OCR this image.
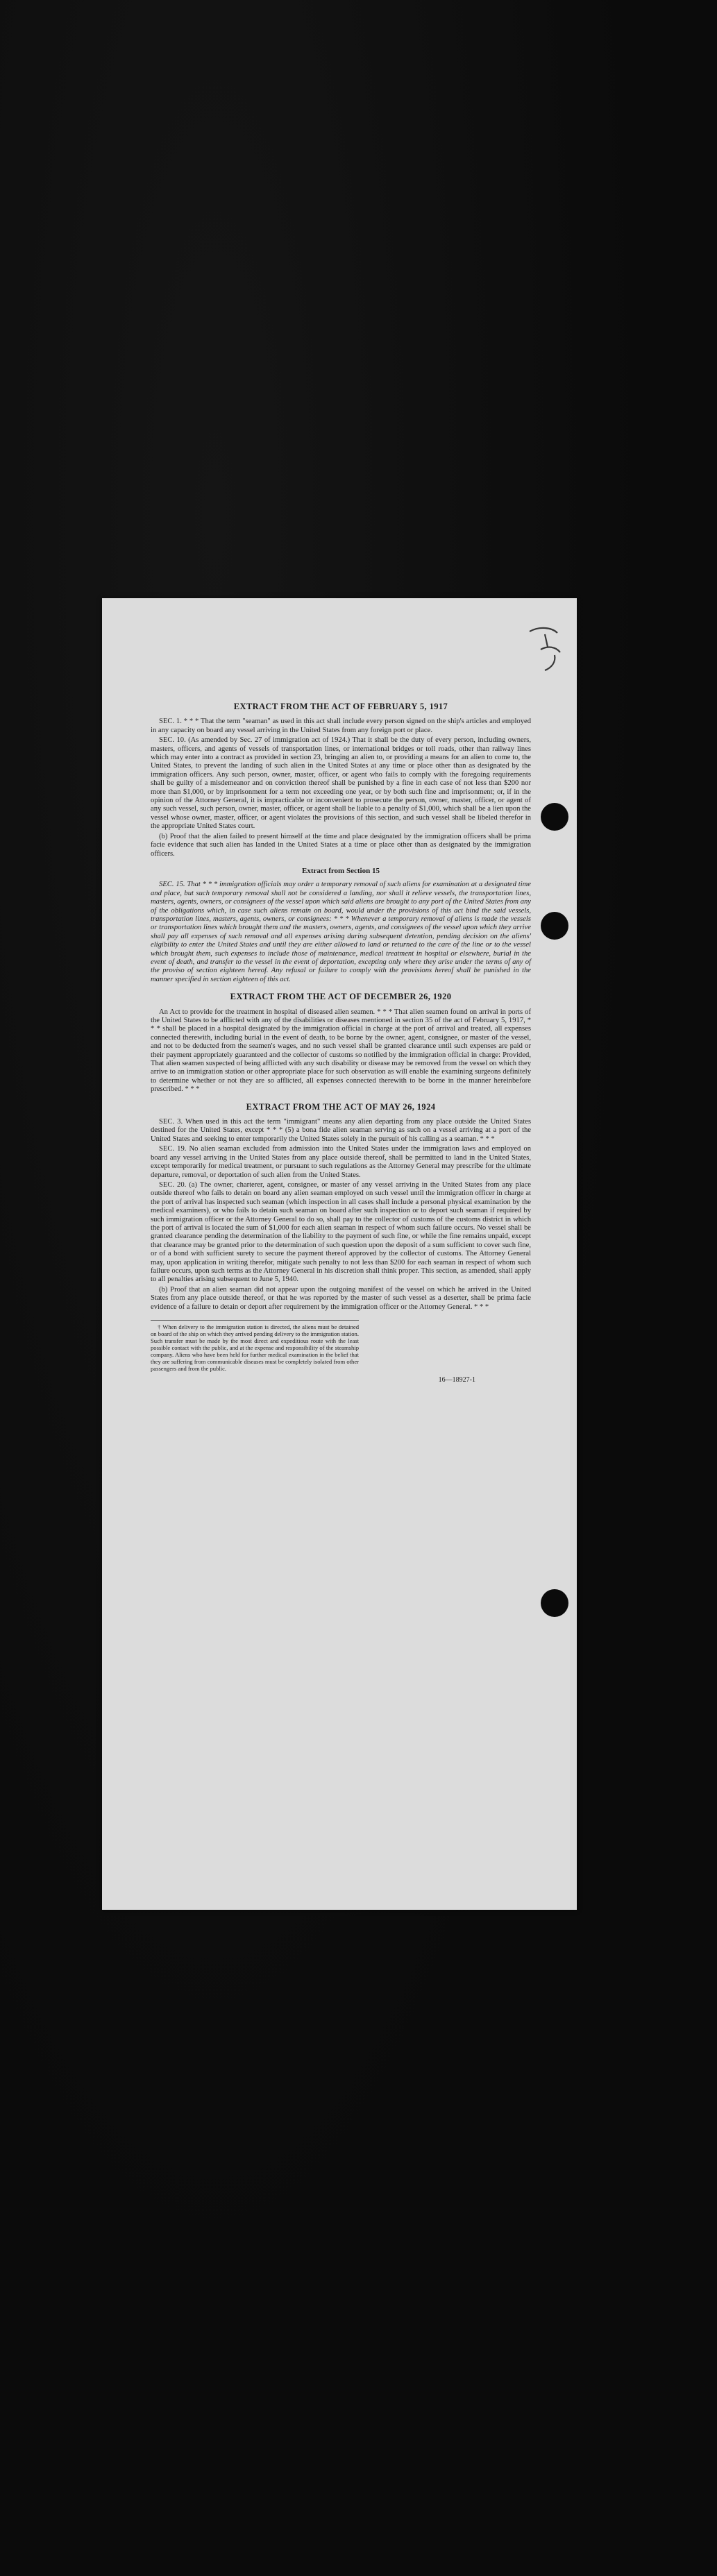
EXTRACT FROM THE ACT OF FEBRUARY 5, 1917

SEC. 1. * * * That the term "seaman" as used in this act shall include every person signed on the ship's articles and employed in any capacity on board any vessel arriving in the United States from any foreign port or place.

SEC. 10. (As amended by Sec. 27 of immigration act of 1924.) That it shall be the duty of every person, including owners, masters, officers, and agents of vessels of transportation lines, or international bridges or toll roads, other than railway lines which may enter into a contract as provided in section 23, bringing an alien to, or providing a means for an alien to come to, the United States, to prevent the landing of such alien in the United States at any time or place other than as designated by the immigration officers. Any such person, owner, master, officer, or agent who fails to comply with the foregoing requirements shall be guilty of a misdemeanor and on conviction thereof shall be punished by a fine in each case of not less than $200 nor more than $1,000, or by imprisonment for a term not exceeding one year, or by both such fine and imprisonment; or, if in the opinion of the Attorney General, it is impracticable or inconvenient to prosecute the person, owner, master, officer, or agent of any such vessel, such person, owner, master, officer, or agent shall be liable to a penalty of $1,000, which shall be a lien upon the vessel whose owner, master, officer, or agent violates the provisions of this section, and such vessel shall be libeled therefor in the appropriate United States court.

(b) Proof that the alien failed to present himself at the time and place designated by the immigration officers shall be prima facie evidence that such alien has landed in the United States at a time or place other than as designated by the immigration officers.

Extract from Section 15

SEC. 15. That * * * immigration officials may order a temporary removal of such aliens for examination at a designated time and place, but such temporary removal shall not be considered a landing, nor shall it relieve vessels, the transportation lines, masters, agents, owners, or consignees of the vessel upon which said aliens are brought to any port of the United States from any of the obligations which, in case such aliens remain on board, would under the provisions of this act bind the said vessels, transportation lines, masters, agents, owners, or consignees: * * * Whenever a temporary removal of aliens is made the vessels or transportation lines which brought them and the masters, owners, agents, and consignees of the vessel upon which they arrive shall pay all expenses of such removal and all expenses arising during subsequent detention, pending decision on the aliens' eligibility to enter the United States and until they are either allowed to land or returned to the care of the line or to the vessel which brought them, such expenses to include those of maintenance, medical treatment in hospital or elsewhere, burial in the event of death, and transfer to the vessel in the event of deportation, excepting only where they arise under the terms of any of the proviso of section eighteen hereof. Any refusal or failure to comply with the provisions hereof shall be punished in the manner specified in section eighteen of this act.

EXTRACT FROM THE ACT OF DECEMBER 26, 1920

An Act to provide for the treatment in hospital of diseased alien seamen. * * * That alien seamen found on arrival in ports of the United States to be afflicted with any of the disabilities or diseases mentioned in section 35 of the act of February 5, 1917, * * * shall be placed in a hospital designated by the immigration official in charge at the port of arrival and treated, all expenses connected therewith, including burial in the event of death, to be borne by the owner, agent, consignee, or master of the vessel, and not to be deducted from the seamen's wages, and no such vessel shall be granted clearance until such expenses are paid or their payment appropriately guaranteed and the collector of customs so notified by the immigration official in charge: Provided, That alien seamen suspected of being afflicted with any such disability or disease may be removed from the vessel on which they arrive to an immigration station or other appropriate place for such observation as will enable the examining surgeons definitely to determine whether or not they are so afflicted, all expenses connected therewith to be borne in the manner hereinbefore prescribed. * * *

EXTRACT FROM THE ACT OF MAY 26, 1924

SEC. 3. When used in this act the term "immigrant" means any alien departing from any place outside the United States destined for the United States, except * * * (5) a bona fide alien seaman serving as such on a vessel arriving at a port of the United States and seeking to enter temporarily the United States solely in the pursuit of his calling as a seaman. * * *

SEC. 19. No alien seaman excluded from admission into the United States under the immigration laws and employed on board any vessel arriving in the United States from any place outside thereof, shall be permitted to land in the United States, except temporarily for medical treatment, or pursuant to such regulations as the Attorney General may prescribe for the ultimate departure, removal, or deportation of such alien from the United States.

SEC. 20. (a) The owner, charterer, agent, consignee, or master of any vessel arriving in the United States from any place outside thereof who fails to detain on board any alien seaman employed on such vessel until the immigration officer in charge at the port of arrival has inspected such seaman (which inspection in all cases shall include a personal physical examination by the medical examiners), or who fails to detain such seaman on board after such inspection or to deport such seaman if required by such immigration officer or the Attorney General to do so, shall pay to the collector of customs of the customs district in which the port of arrival is located the sum of $1,000 for each alien seaman in respect of whom such failure occurs. No vessel shall be granted clearance pending the determination of the liability to the payment of such fine, or while the fine remains unpaid, except that clearance may be granted prior to the determination of such question upon the deposit of a sum sufficient to cover such fine, or of a bond with sufficient surety to secure the payment thereof approved by the collector of customs. The Attorney General may, upon application in writing therefor, mitigate such penalty to not less than $200 for each seaman in respect of whom such failure occurs, upon such terms as the Attorney General in his discretion shall think proper. This section, as amended, shall apply to all penalties arising subsequent to June 5, 1940.

(b) Proof that an alien seaman did not appear upon the outgoing manifest of the vessel on which he arrived in the United States from any place outside thereof, or that he was reported by the master of such vessel as a deserter, shall be prima facie evidence of a failure to detain or deport after requirement by the immigration officer or the Attorney General. * * *

† When delivery to the immigration station is directed, the aliens must be detained on board of the ship on which they arrived pending delivery to the immigration station. Such transfer must be made by the most direct and expeditious route with the least possible contact with the public, and at the expense and responsibility of the steamship company. Aliens who have been held for further medical examination in the belief that they are suffering from communicable diseases must be completely isolated from other passengers and from the public.

16—18927-1
